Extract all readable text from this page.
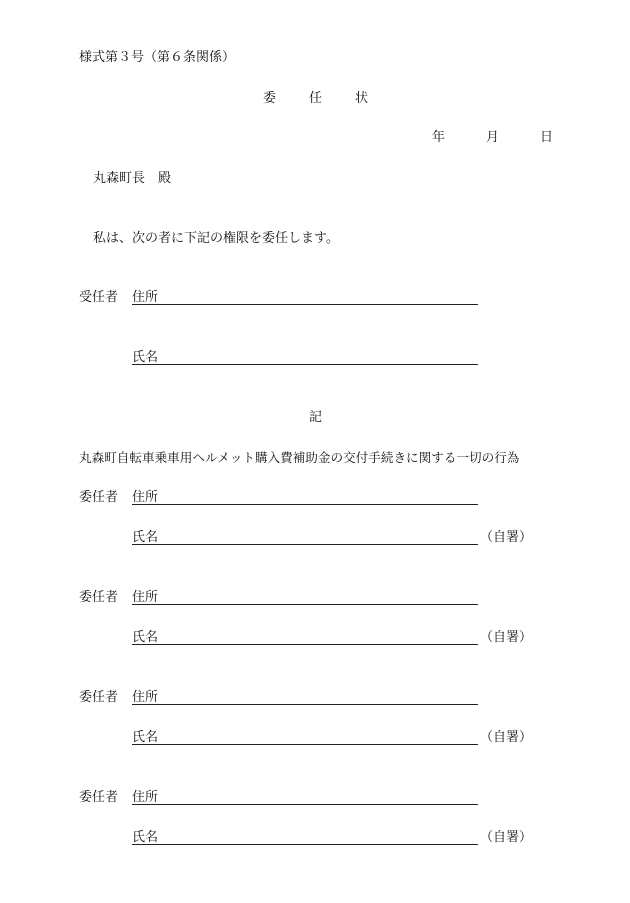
様式第３号（第６条関係）
委	任	状
年	月	日
丸森町長　殿
私は、次の者に下記の権限を委任します。
受任者 住所
氏名
記
丸森町自転車乗車用ヘルメット購入費補助金の交付手続きに関する一切の行為
委任者 住所
氏名	（自署）
委任者 住所
氏名	（自署）
委任者 住所
氏名	（自署）
委任者 住所
氏名	（自署）
